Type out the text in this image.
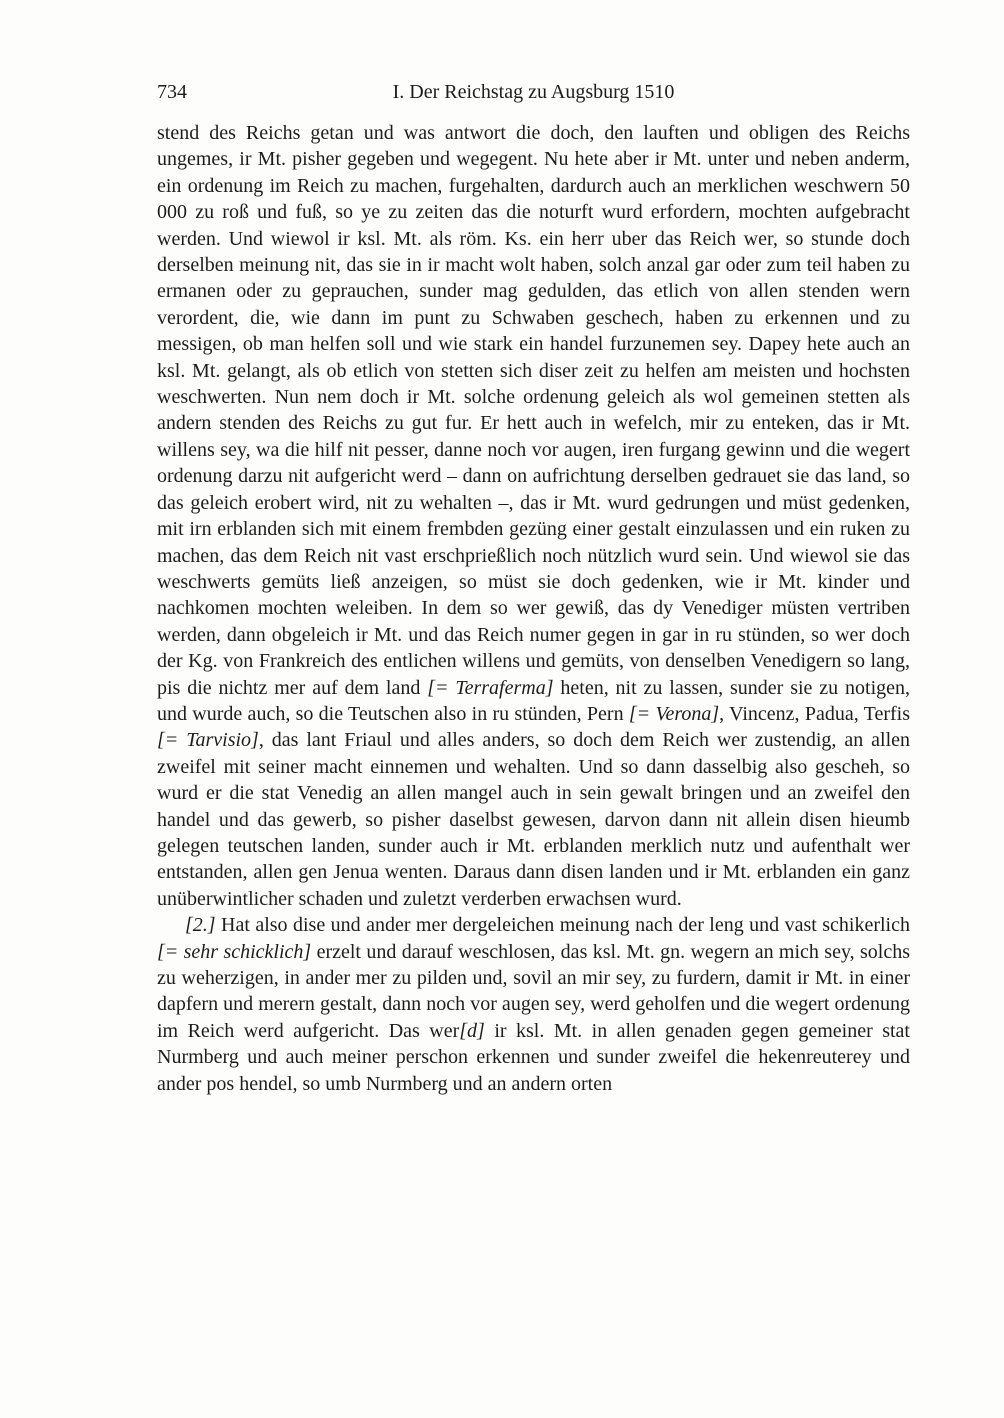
734	I. Der Reichstag zu Augsburg 1510

stend des Reichs getan und was antwort die doch, den lauften und obligen des Reichs ungemes, ir Mt. pisher gegeben und wegegent. Nu hete aber ir Mt. unter und neben anderm, ein ordenung im Reich zu machen, furgehalten, dardurch auch an merklichen weschwern 50 000 zu roß und fuß, so ye zu zeiten das die noturft wurd erfordern, mochten aufgebracht werden. Und wiewol ir ksl. Mt. als röm. Ks. ein herr uber das Reich wer, so stunde doch derselben meinung nit, das sie in ir macht wolt haben, solch anzal gar oder zum teil haben zu ermanen oder zu geprauchen, sunder mag gedulden, das etlich von allen stenden wern verordent, die, wie dann im punt zu Schwaben geschech, haben zu erkennen und zu messigen, ob man helfen soll und wie stark ein handel furzunemen sey. Dapey hete auch an ksl. Mt. gelangt, als ob etlich von stetten sich diser zeit zu helfen am meisten und hochsten weschwerten. Nun nem doch ir Mt. solche ordenung geleich als wol gemeinen stetten als andern stenden des Reichs zu gut fur. Er hett auch in wefelch, mir zu enteken, das ir Mt. willens sey, wa die hilf nit pesser, danne noch vor augen, iren furgang gewinn und die wegert ordenung darzu nit aufgericht werd – dann on aufrichtung derselben gedrauet sie das land, so das geleich erobert wird, nit zu wehalten –, das ir Mt. wurd gedrungen und müst gedenken, mit irn erblanden sich mit einem frembden gezüng einer gestalt einzulassen und ein ruken zu machen, das dem Reich nit vast erschprießlich noch nützlich wurd sein. Und wiewol sie das weschwerts gemüts ließ anzeigen, so müst sie doch gedenken, wie ir Mt. kinder und nachkomen mochten weleiben. In dem so wer gewiß, das dy Venediger müsten vertriben werden, dann obgeleich ir Mt. und das Reich numer gegen in gar in ru stünden, so wer doch der Kg. von Frankreich des entlichen willens und gemüts, von denselben Venedigern so lang, pis die nichtz mer auf dem land [= Terraferma] heten, nit zu lassen, sunder sie zu notigen, und wurde auch, so die Teutschen also in ru stünden, Pern [= Verona], Vincenz, Padua, Terfis [= Tarvisio], das lant Friaul und alles anders, so doch dem Reich wer zustendig, an allen zweifel mit seiner macht einnemen und wehalten. Und so dann dasselbig also gescheh, so wurd er die stat Venedig an allen mangel auch in sein gewalt bringen und an zweifel den handel und das gewerb, so pisher daselbst gewesen, darvon dann nit allein disen hieumb gelegen teutschen landen, sunder auch ir Mt. erblanden merklich nutz und aufenthalt wer entstanden, allen gen Jenua wenten. Daraus dann disen landen und ir Mt. erblanden ein ganz unüberwintlicher schaden und zuletzt verderben erwachsen wurd.

[2.] Hat also dise und ander mer dergeleichen meinung nach der leng und vast schikerlich [= sehr schicklich] erzelt und darauf weschlosen, das ksl. Mt. gn. wegern an mich sey, solchs zu weherzigen, in ander mer zu pilden und, sovil an mir sey, zu furdern, damit ir Mt. in einer dapfern und merern gestalt, dann noch vor augen sey, werd geholfen und die wegert ordenung im Reich werd aufgericht. Das wer[d] ir ksl. Mt. in allen genaden gegen gemeiner stat Nurmberg und auch meiner perschon erkennen und sunder zweifel die hekenreuterey und ander pos hendel, so umb Nurmberg und an andern orten
